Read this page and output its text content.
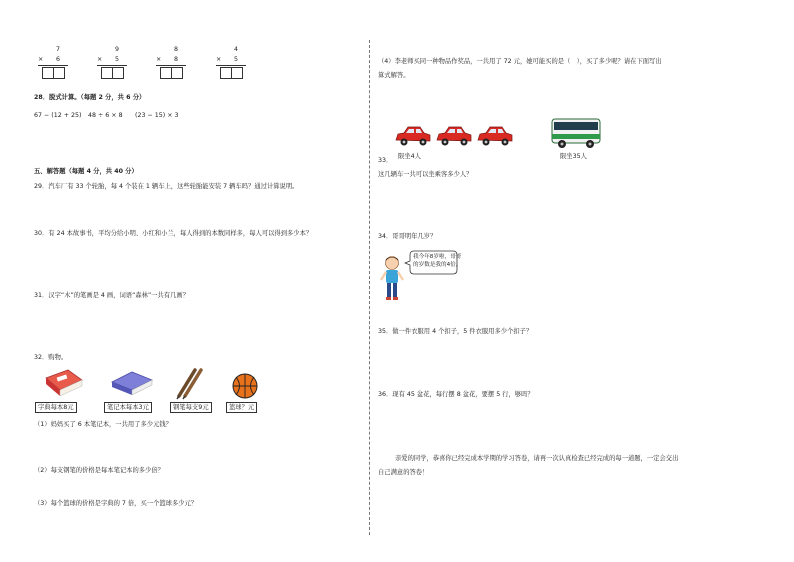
7
× 6
9
× 5
8
× 8
4
× 5
28．脱式计算。（每题 2 分，共 6 分）
67 − (12 + 25) 48 ÷ 6 × 8 (23 − 15) × 3
五、解答题（每题 4 分，共 40 分）
29．汽车厂有 33 个轮胎，每 4 个装在 1 辆车上，这些轮胎能安装 7 辆车吗？通过计算说明。
30．有 24 本故事书，平均分给小明、小红和小兰，每人得到的本数同样多，每人可以得到多少本？
31．汉字“木”的笔画是 4 画，词语“森林”一共有几画？
32．购物。
字典每本8元	笔记本每本3元	钢笔每支9元	篮球？元
（1）妈妈买了 6 本笔记本，一共用了多少元钱？
（2）每支钢笔的价格是每本笔记本的多少倍？
（3）每个篮球的价格是字典的 7 倍，买一个篮球多少元？
（4）李老师买同一种物品作奖品，一共用了 72 元，她可能买的是（　），买了多少呢？请在下面写出
算式解答。
限坐4人	限坐35人
33．
这几辆车一共可以坐乘客多少人？
34．哥哥明年几岁？
我今年8岁啦，哥哥
的岁数是我的4倍。
35．做一件衣服用 4 个扣子，5 件衣服用多少个扣子？
36．现有 45 盆花，每行摆 8 盆花，要摆 5 行，够吗？
亲爱的同学，恭喜你已经完成本学期的学习答卷，请再一次认真检查已经完成的每一道题，一定会交出
自己满意的答卷！
